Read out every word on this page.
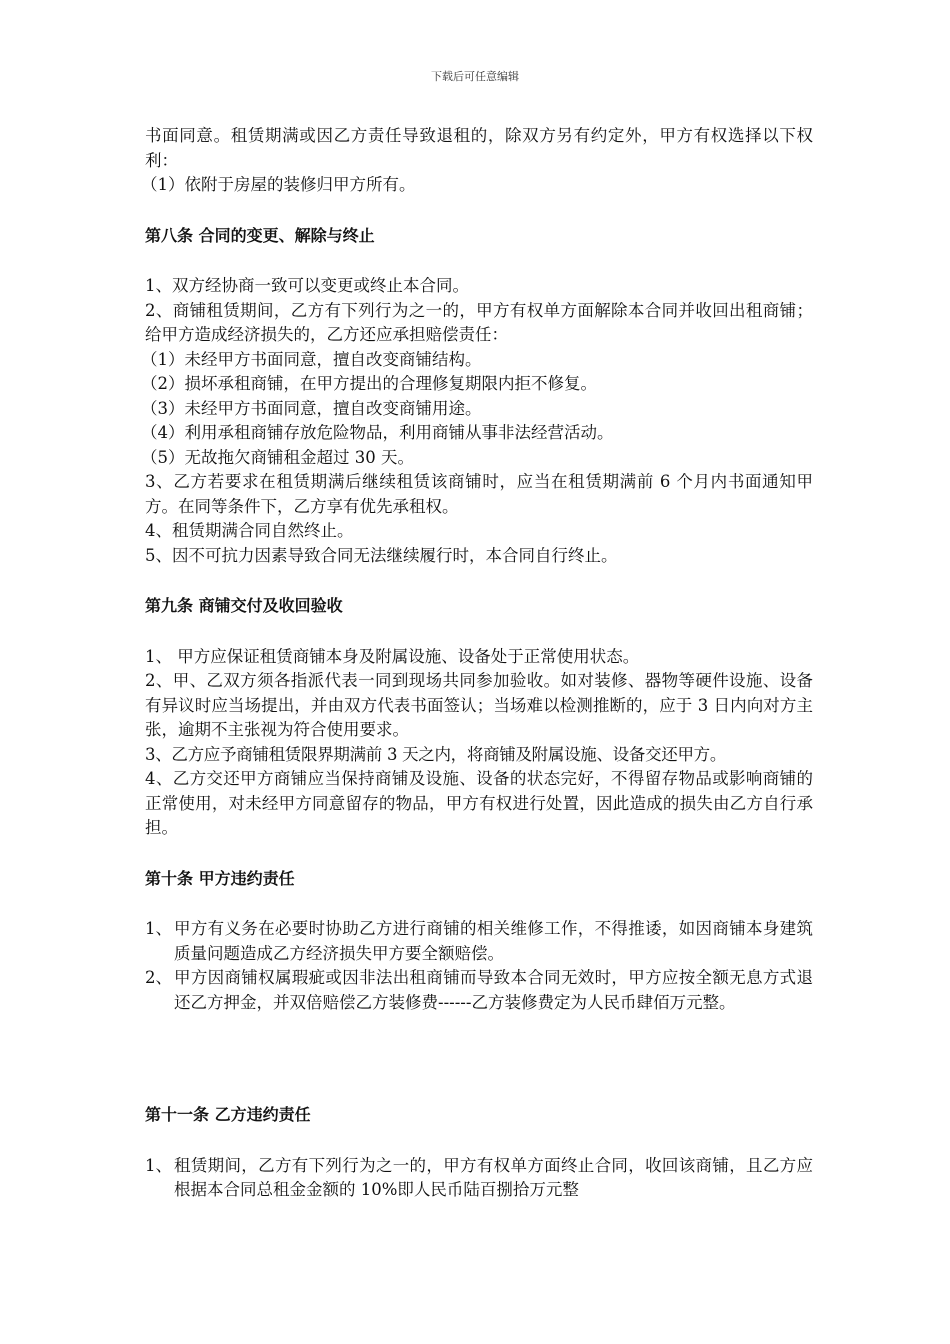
下载后可任意编辑

书面同意。租赁期满或因乙方责任导致退租的，除双方另有约定外，甲方有权选择以下权利：

（1）依附于房屋的装修归甲方所有。

第八条 合同的变更、解除与终止

1、双方经协商一致可以变更或终止本合同。

2、商铺租赁期间，乙方有下列行为之一的，甲方有权单方面解除本合同并收回出租商铺；给甲方造成经济损失的，乙方还应承担赔偿责任：

（1）未经甲方书面同意，擅自改变商铺结构。

（2）损坏承租商铺，在甲方提出的合理修复期限内拒不修复。

（3）未经甲方书面同意，擅自改变商铺用途。

（4）利用承租商铺存放危险物品，利用商铺从事非法经营活动。

（5）无故拖欠商铺租金超过 30 天。

3、乙方若要求在租赁期满后继续租赁该商铺时，应当在租赁期满前 6 个月内书面通知甲方。在同等条件下，乙方享有优先承租权。

4、租赁期满合同自然终止。

5、因不可抗力因素导致合同无法继续履行时，本合同自行终止。

第九条 商铺交付及收回验收

1、 甲方应保证租赁商铺本身及附属设施、设备处于正常使用状态。

2、甲、乙双方须各指派代表一同到现场共同参加验收。如对装修、器物等硬件设施、设备有异议时应当场提出，并由双方代表书面签认；当场难以检测推断的，应于 3 日内向对方主张，逾期不主张视为符合使用要求。

3、乙方应予商铺租赁限界期满前 3 天之内，将商铺及附属设施、设备交还甲方。

4、乙方交还甲方商铺应当保持商铺及设施、设备的状态完好，不得留存物品或影响商铺的正常使用，对未经甲方同意留存的物品，甲方有权进行处置，因此造成的损失由乙方自行承担。

第十条 甲方违约责任
1、 甲方有义务在必要时协助乙方进行商铺的相关维修工作，不得推诿，如因商铺本身建筑质量问题造成乙方经济损失甲方要全额赔偿。
2、 甲方因商铺权属瑕疵或因非法出租商铺而导致本合同无效时，甲方应按全额无息方式退还乙方押金，并双倍赔偿乙方装修费------乙方装修费定为人民币肆佰万元整。
第十一条 乙方违约责任
1、 租赁期间，乙方有下列行为之一的，甲方有权单方面终止合同，收回该商铺，且乙方应根据本合同总租金金额的 10%即人民币陆百捌拾万元整
